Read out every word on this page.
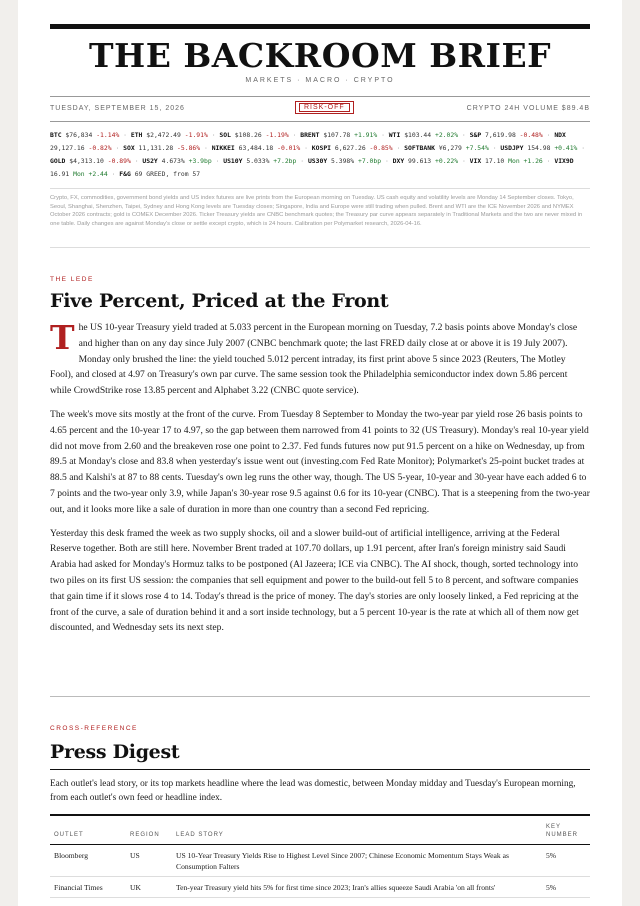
THE BACKROOM BRIEF
MARKETS · MACRO · CRYPTO
TUESDAY, SEPTEMBER 15, 2026	RISK-OFF	CRYPTO 24H VOLUME $89.4B
BTC $76,834 -1.14% · ETH $2,472.49 -1.91% · SOL $108.26 -1.19% · BRENT $107.78 +1.91% · WTI $103.44 +2.02% · S&P 7,619.98 -0.48% · NDX 29,127.16 -0.82% · SOX 11,131.28 -5.86% · NIKKEI 63,484.18 -0.01% · KOSPI 6,627.26 -0.85% · SOFTBANK ¥6,279 +7.54% · USDJPY 154.98 +0.41% · GOLD $4,313.10 -0.89% · US2Y 4.673% +3.9bp · US10Y 5.033% +7.2bp · US30Y 5.398% +7.0bp · DXY 99.613 +0.22% · VIX 17.10 Mon +1.26 · VIX9D 16.91 Mon +2.44 · F&G 69 GREED, from 57
Crypto, FX, commodities, government bond yields and US index futures are live prints from the European morning on Tuesday. US cash equity and volatility levels are Monday 14 September closes. Tokyo, Seoul, Shanghai, Shenzhen, Taipei, Sydney and Hong Kong levels are Tuesday closes; Singapore, India and Europe were still trading when pulled. Brent and WTI are the ICE November 2026 and NYMEX October 2026 contracts; gold is COMEX December 2026. Ticker Treasury yields are CNBC benchmark quotes; the Treasury par curve appears separately in Traditional Markets and the two are never mixed in one table. Daily changes are against Monday's close or settle except crypto, which is 24 hours. Calibration per Polymarket research, 2026-04-16.
THE LEDE
Five Percent, Priced at the Front

The US 10-year Treasury yield traded at 5.033 percent in the European morning on Tuesday, 7.2 basis points above Monday's close and higher than on any day since July 2007 (CNBC benchmark quote; the last FRED daily close at or above it is 19 July 2007). Monday only brushed the line: the yield touched 5.012 percent intraday, its first print above 5 since 2023 (Reuters, The Motley Fool), and closed at 4.97 on Treasury's own par curve. The same session took the Philadelphia semiconductor index down 5.86 percent while CrowdStrike rose 13.85 percent and Alphabet 3.22 (CNBC quote service).

The week's move sits mostly at the front of the curve. From Tuesday 8 September to Monday the two-year par yield rose 26 basis points to 4.65 percent and the 10-year 17 to 4.97, so the gap between them narrowed from 41 points to 32 (US Treasury). Monday's real 10-year yield did not move from 2.60 and the breakeven rose one point to 2.37. Fed funds futures now put 91.5 percent on a hike on Wednesday, up from 89.5 at Monday's close and 83.8 when yesterday's issue went out (investing.com Fed Rate Monitor); Polymarket's 25-point bucket trades at 88.5 and Kalshi's at 87 to 88 cents. Tuesday's own leg runs the other way, though. The US 5-year, 10-year and 30-year have each added 6 to 7 points and the two-year only 3.9, while Japan's 30-year rose 9.5 against 0.6 for its 10-year (CNBC). That is a steepening from the two-year out, and it looks more like a sale of duration in more than one country than a second Fed repricing.

Yesterday this desk framed the week as two supply shocks, oil and a slower build-out of artificial intelligence, arriving at the Federal Reserve together. Both are still here. November Brent traded at 107.70 dollars, up 1.91 percent, after Iran's foreign ministry said Saudi Arabia had asked for Monday's Hormuz talks to be postponed (Al Jazeera; ICE via CNBC). The AI shock, though, sorted technology into two piles on its first US session: the companies that sell equipment and power to the build-out fell 5 to 8 percent, and software companies that gain time if it slows rose 4 to 14. Today's thread is the price of money. The day's stories are only loosely linked, a Fed repricing at the front of the curve, a sale of duration behind it and a sort inside technology, but a 5 percent 10-year is the rate at which all of them now get discounted, and Wednesday sets its next step.

CROSS-REFERENCE
Press Digest
Each outlet's lead story, or its top markets headline where the lead was domestic, between Monday midday and Tuesday's European morning, from each outlet's own feed or headline index.
OUTLET	REGION	LEAD STORY	KEY NUMBER
Bloomberg	US	US 10-Year Treasury Yields Rise to Highest Level Since 2007; Chinese Economic Momentum Stays Weak as Consumption Falters	5%
Financial Times	UK	Ten-year Treasury yield hits 5% for first time since 2023; Iran's allies squeeze Saudi Arabia 'on all fronts'	5%
